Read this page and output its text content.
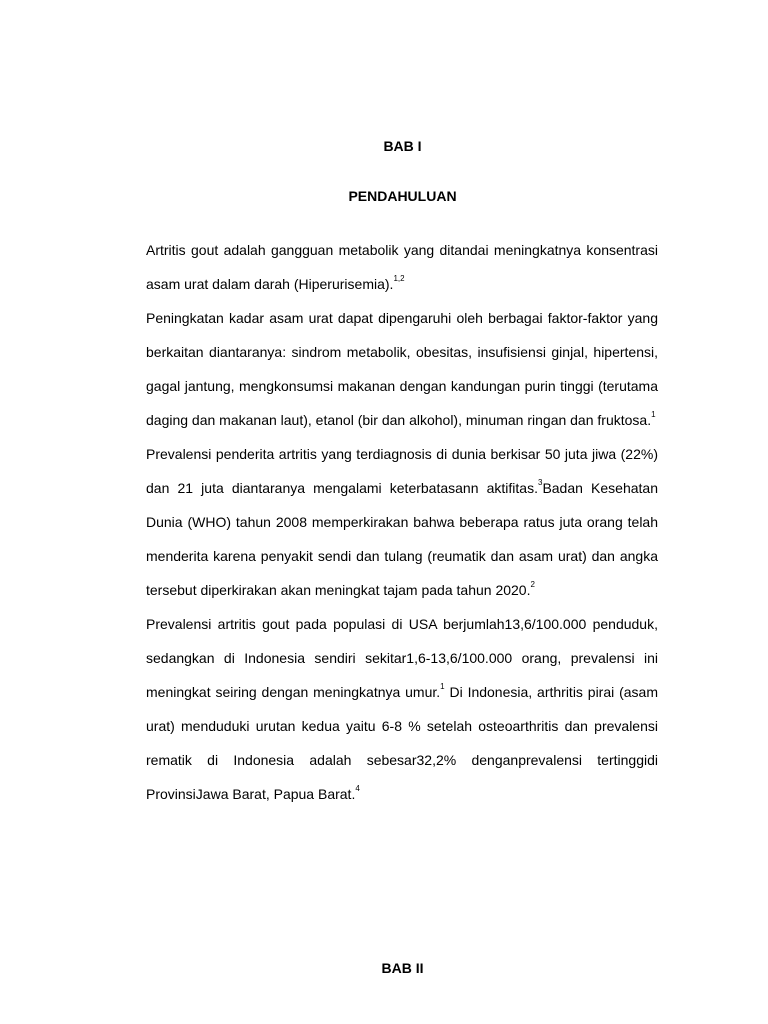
BAB I
PENDAHULUAN

Artritis gout adalah gangguan metabolik yang ditandai meningkatnya konsentrasi asam urat dalam darah (Hiperurisemia).$^{1,2}$

Peningkatan kadar asam urat dapat dipengaruhi oleh berbagai faktor-faktor yang berkaitan diantaranya: sindrom metabolik, obesitas, insufisiensi ginjal, hipertensi, gagal jantung, mengkonsumsi makanan dengan kandungan purin tinggi (terutama daging dan makanan laut), etanol (bir dan alkohol), minuman ringan dan fruktosa.$^1$

Prevalensi penderita artritis yang terdiagnosis di dunia berkisar 50 juta jiwa (22%) dan 21 juta diantaranya mengalami keterbatasann aktifitas.$^3$Badan Kesehatan Dunia (WHO) tahun 2008 memperkirakan bahwa beberapa ratus juta orang telah menderita karena penyakit sendi dan tulang (reumatik dan asam urat) dan angka tersebut diperkirakan akan meningkat tajam pada tahun 2020.$^2$

Prevalensi artritis gout pada populasi di USA berjumlah13,6/100.000 penduduk, sedangkan di Indonesia sendiri sekitar1,6-13,6/100.000 orang, prevalensi ini meningkat seiring dengan meningkatnya umur.$^1$ Di Indonesia, arthritis pirai (asam urat) menduduki urutan kedua yaitu 6-8 % setelah osteoarthritis dan prevalensi rematik di Indonesia adalah sebesar32,2% denganprevalensi tertinggidi ProvinsiJawa Barat, Papua Barat.$^4$

BAB II
